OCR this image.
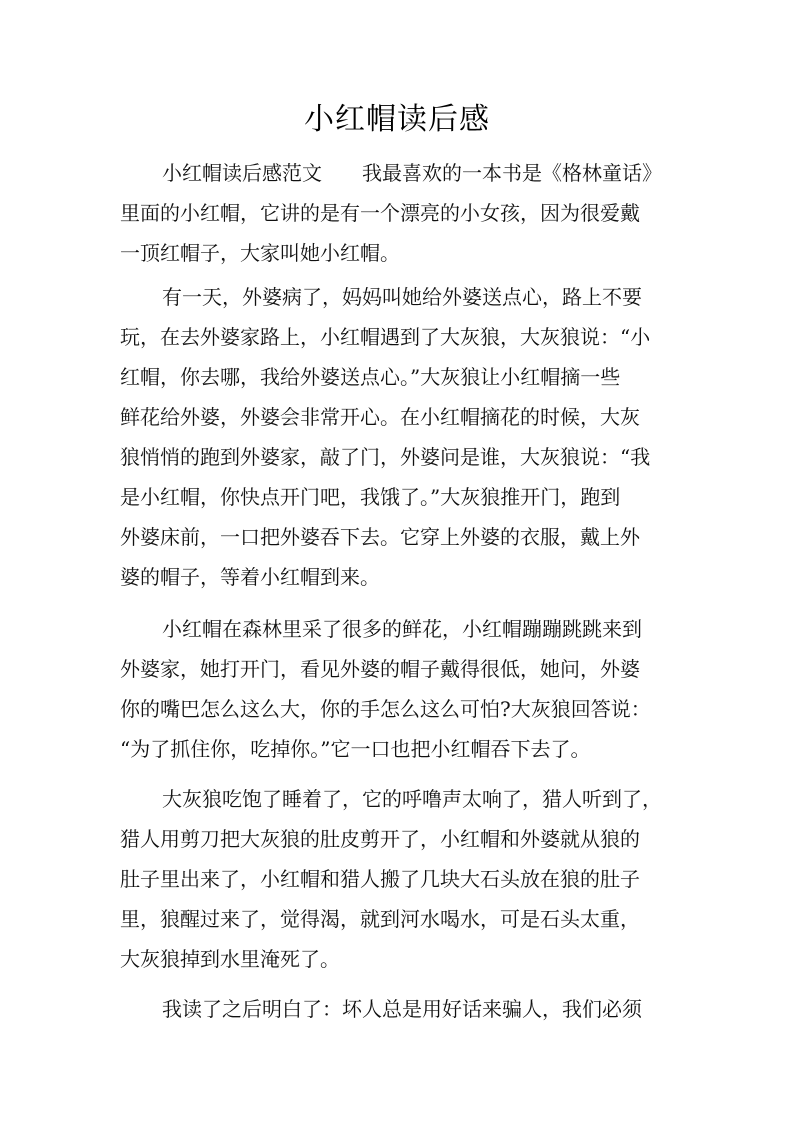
小红帽读后感
小红帽读后感范文　　我最喜欢的一本书是《格林童话》
里面的小红帽，它讲的是有一个漂亮的小女孩，因为很爱戴
一顶红帽子，大家叫她小红帽。
有一天，外婆病了，妈妈叫她给外婆送点心，路上不要
玩，在去外婆家路上，小红帽遇到了大灰狼，大灰狼说：“小
红帽，你去哪，我给外婆送点心。”大灰狼让小红帽摘一些
鲜花给外婆，外婆会非常开心。在小红帽摘花的时候，大灰
狼悄悄的跑到外婆家，敲了门，外婆问是谁，大灰狼说：“我
是小红帽，你快点开门吧，我饿了。”大灰狼推开门，跑到
外婆床前，一口把外婆吞下去。它穿上外婆的衣服，戴上外
婆的帽子，等着小红帽到来。
小红帽在森林里采了很多的鲜花，小红帽蹦蹦跳跳来到
外婆家，她打开门，看见外婆的帽子戴得很低，她问，外婆
你的嘴巴怎么这么大，你的手怎么这么可怕?大灰狼回答说：
“为了抓住你，吃掉你。”它一口也把小红帽吞下去了。
大灰狼吃饱了睡着了，它的呼噜声太响了，猎人听到了，
猎人用剪刀把大灰狼的肚皮剪开了，小红帽和外婆就从狼的
肚子里出来了，小红帽和猎人搬了几块大石头放在狼的肚子
里，狼醒过来了，觉得渴，就到河水喝水，可是石头太重，
大灰狼掉到水里淹死了。
我读了之后明白了：坏人总是用好话来骗人，我们必须
